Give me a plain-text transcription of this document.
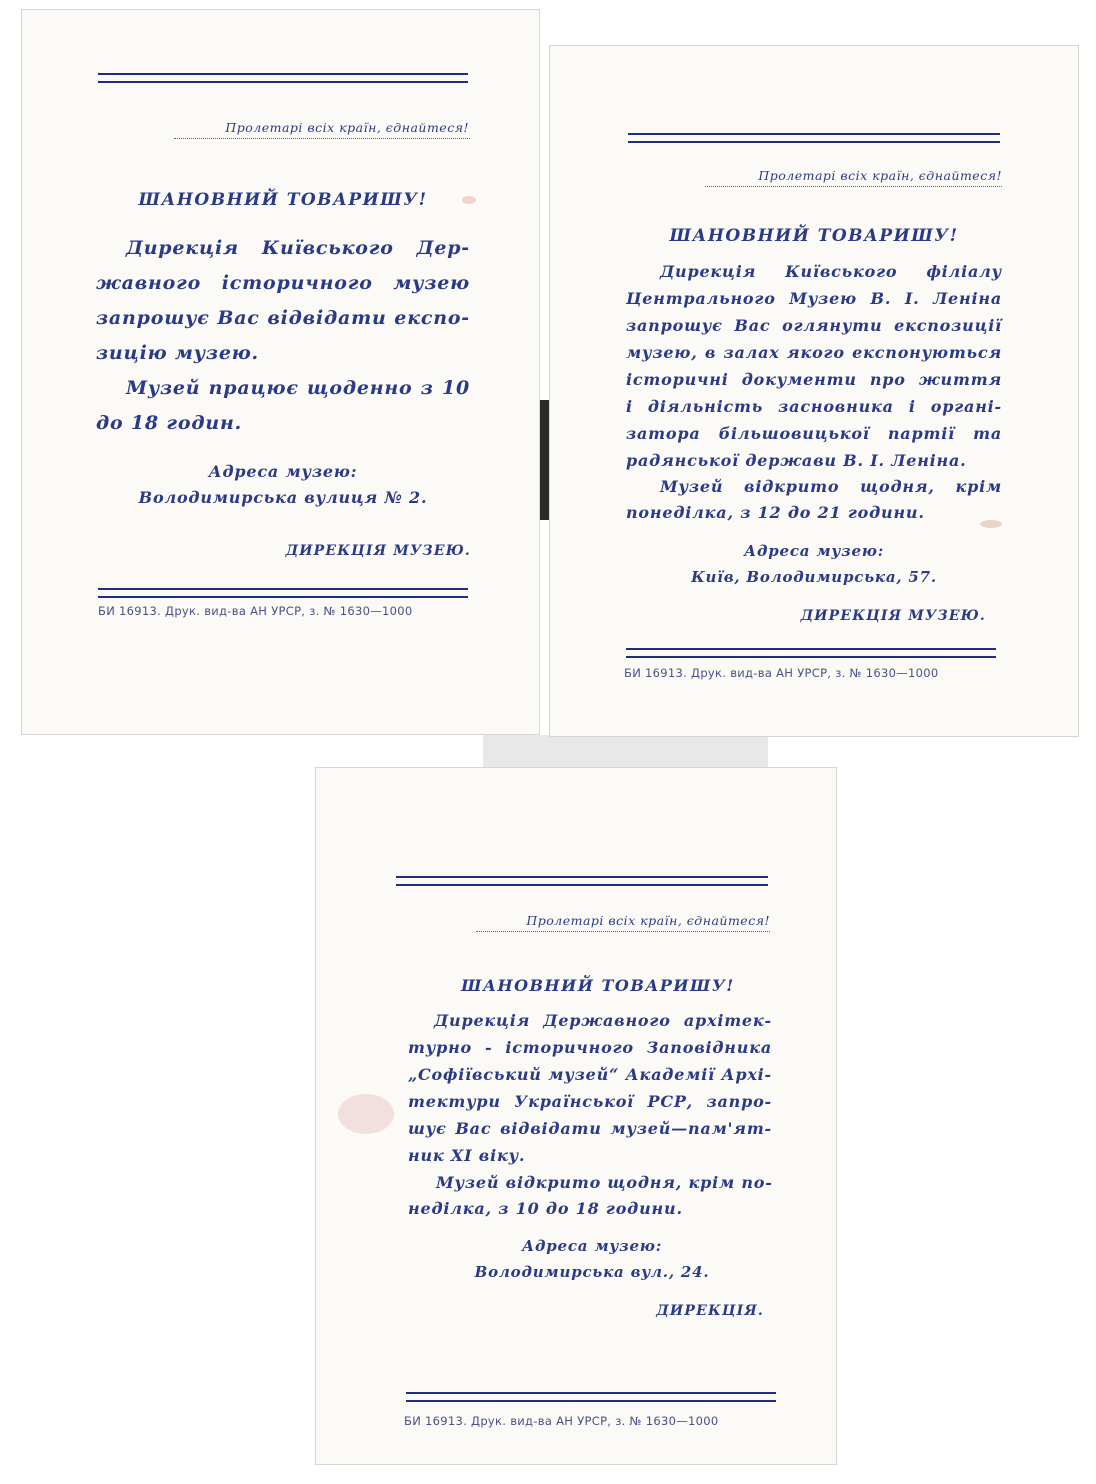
Пролетарі всіх країн, єднайтеся!
ШАНОВНИЙ ТОВАРИШУ!
Дирекція Київського Дер-
жавного історичного музею
запрошує Вас відвідати експо-
зицію музею.
Музей працює щоденно з 10
до 18 годин.
Адреса музею:
Володимирська вулиця № 2.
ДИРЕКЦІЯ МУЗЕЮ.
БИ 16913. Друк. вид-ва АН УРСР, з. № 1630—1000
Пролетарі всіх країн, єднайтеся!
ШАНОВНИЙ ТОВАРИШУ!
Дирекція Київського філіалу
Центрального Музею В. І. Леніна
запрошує Вас оглянути експозиції
музею, в залах якого експонуються
історичні документи про життя
і діяльність засновника і органі-
затора більшовицької партії та
радянської держави В. І. Леніна.
Музей відкрито щодня, крім
понеділка, з 12 до 21 години.
Адреса музею:
Київ, Володимирська, 57.
ДИРЕКЦІЯ МУЗЕЮ.
БИ 16913. Друк. вид-ва АН УРСР, з. № 1630—1000
Пролетарі всіх країн, єднайтеся!
ШАНОВНИЙ ТОВАРИШУ!
Дирекція Державного архітек-
турно - історичного Заповідника
„Софіївський музей“ Академії Архі-
тектури Української РСР, запро-
шує Вас відвідати музей—пам'ят-
ник XI віку.
Музей відкрито щодня, крім по-
неділка, з 10 до 18 години.
Адреса музею:
Володимирська вул., 24.
ДИРЕКЦІЯ.
БИ 16913. Друк. вид-ва АН УРСР, з. № 1630—1000
